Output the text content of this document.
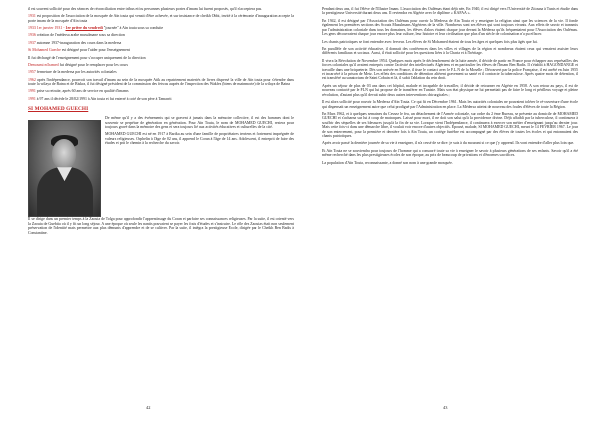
il est souvent sollicité pour des séances de réconciliation entre tribus et/ou personnes plusieurs portes d'imam lui furent proposés, qu'il n'acceptera pas.

1931 est proposition de l'association de la mosquée de Aïn touta qui venait d'être achevée, et sur insistance de cheikh Obbi, invité à la cérémonie d'inauguration accepte la porte imam de la mosquée d'Aïn touta

1933 1er janvier 1931 - 1er prière du vendredi "journée" à Aïn touta sous sa conduite

1936 création de l'médersa arabe musulmane sous sa direction

1937 automne 1937-inauguration des cours dans la medersa

Si Mohamed Gueche est désigné pour l'aider pour l'enseignement

Il fut déchargé de l'enseignement pour s'occuper uniquement de la direction

Demoumi m'hamed fut désigné pour le remplacer pour les cours

1957 fermeture de la medersa par les autorités coloniales

1962 après l'indépendance, pourvoit son travail d'imam au sein de la mosquée Atik au repatriement materiés de livres dispersé la ville de Aïn touta pour s'étendre dans toute la wilaya de Batna et de Biskra, il fut désigné président de la commission des fetwas auprès de l'inspection des Wakfes (biens de mainmorte) de la wilaya de Batna

1991 prise sa retraite, après 60 ans de service en qualité d'imams

1991 à 97 ans il décède le 28/02/1991 à Aïn touta et fut enterré à coté de son père à Tamarrit

SI MOHAMED GUECHI

De même qu'il y a des événements qui se gravent à jamais dans la mémoire collective, il est des hommes dont le souvenir se perpétue de génération en génération. Pour Aïn Touta, le nom de MOHAMED GUECHI, restera pour toujours gravé dans la mémoire des gens et sera toujours lié aux activités éducatives et culturelles de la cité.

MOHAMED GUECHI est né en 1917 à Barika au sein d'une famille de propriétaires terriens et fortement imprégnée de valeurs religieuses. Orphelin à l'âge de 02 ans, il apprend le Coran à l'âge de 14 ans. Adolescent, il entreprit de faire des études et prit le chemin à la recherche du savoir.

Il se dirige dans un premier temps à la Zaouia de Tolga pour approfondir l'apprentissage du Coran et parfaire ses connaissances religieuses. Par la suite, il est orienté vers la Zaouia de Guebtia où il y fit un long séjour. A une époque où seule les nantis pouvaient se payer les frais d'études et s'instruire. Le rôle des Zaouias était non seulement préservation de l'identité mais permettre aux plus démunis d'apprendre et de se cultiver. Par la suite, il intégra la prestigieuse Ecole, dirigée par le Cheikh Ben Badis à Constantine.

42

Pendant deux ans, il fut l'élève de l'Illustre Imam. L'association des Oulémas étant déjà née, En 1940, il est dirigé vers l'Université de Zitouna à Tunis et étudie dans la prestigieuse Université durant deux ans. Il reviendra en Algérie avec le diplôme « KAFAA ».

En 1942, il est désigné par l'Association des Oulémas pour ouvrir la Medersa de Aïn Touta et y enseigner la religion ainsi que les sciences de la vie. Il fonde également les premières sections des Scouts Musulmans Algériens de la ville. Nombreux sont ses élèves qui sont toujours vivants. Aux effets de savoir et transmis par l'administration coloniale dans tous les domaines, les élèves d'alors étaient chaque jour devant la Médersa qu'ils fréquentaient pour l'Association des Oulémas. Les gens découvraient chaque jour encore plus leur culture, leur histoire et leur civilisation que plus d'un siècle de colonisation n'a pu effacer.

Les chants patriotiques se font entendre avec ferveur. Les élèves de Si Mohamed étaient de tous les âges et quelques fois plus âgés que lui.

En parallèle de son activité éducative, il donnait des conférences dans les villes et villages de la région et nombreux étaient ceux qui venaient assister leurs différents familiaux et sociaux. Aussi, il était sollicité pour les questions liées à la Charia et à l'héritage.

Il vivra la Révolution de Novembre 1954. Quelques mois après le déclenchement de la lutte armée, il décide de partir en France pour échapper aux représailles des forces coloniales qu'il avaient entrepris contre l'activité des intellectuels Algériens et en particulier les élèves de l'Imam Ben Badis. Il s'établit à HAGONDANGE et travaille dans une briqueterie. Dès son arrivée en France, il tisse le contact avec le F.L.N de la Moselle ; Découvert par la police Française, il est arrêté en Juin 1955 et incarcéré à la prison de Metz. Les effets des conditions de détention altèrent gravement sa santé et il contracte la tuberculose. Après quatre mois de détention, il est transféré au sanatorium de Saint Cobain et là, il subit l'ablation du rein droit.

Après un séjour de plus de 03 ans dans cet hôpital, malade et incapable de travailler, il décide de retourner en Algérie en 1958. A son retour au pays, il est de nouveau contacté par le FLN qui lui propose de le transférer en Tunisie. Mais son état physique ne lui permettait pas de faire le long et périlleux voyage et pleine révolution, d'autant plus qu'il devait subir deux autres interventions chirurgicales ;

Il est alors sollicité pour rouvrir la Medersa d'Aïn Touta. Ce qui fit en Décembre 1961. Mais les autorités coloniales ne pouvaient tolérer le ré-ouverture d'une école qui dispensait un enseignement autre que celui prodigué par l'Administration en place. La Médersa atteint de nouveau des foules d'élèves de toute la Région.

En Mars 1962, et à quelques semaines du Cessez le feu, un détachement de l'Armée coloniale, sur ordre du 2 ème Bureau, se présente au domicile de MOHAMED GUECHI et s'acharna sur lui à coup de matraques. Laissé pour mort, il ne doit son salut qu'à la providence divine. Déjà affaibli par la tuberculose, il continuera à souffrir des séquelles de ses blessures jusqu'à la fin de sa vie. Lorsque vient l'Indépendance, il continuera à exercer son métier d'enseignant jusqu'au dernier jour. Mais cette fois-ci dans une démarche libre, il voulait voir encore d'autres objectifs. Epousé, malade, SI MOHAMED GUECHI, meurt le 14 FEVRIER 1967. Le jour de son enterrement, pour la première et dernière fois à Aïn Touta, un cortège funèbre est accompagné par des élèves de toutes les écoles et qui entonnaient des chants patriotiques.

Après avoir passé la dernière journée de sa vie à enseigner, il n'a cessé de se dire: je suis à du mourant si ce que j'y apprend. Ils vont entendre d'aller plus loin que.

Et Aïn Touta ne se souviendra pour toujours de l'homme qui a consacré toute sa vie à enseigner le savoir à plusieurs générations de ses enfants. Savoir qu'il a été même recherché dans les plus prestigieuses écoles de son époque, au prix de beaucoup de privations et d'énormes sacrifices.

La population d'Aïn Touta, reconnaissante, a donné son nom à une grande mosquée.

43
